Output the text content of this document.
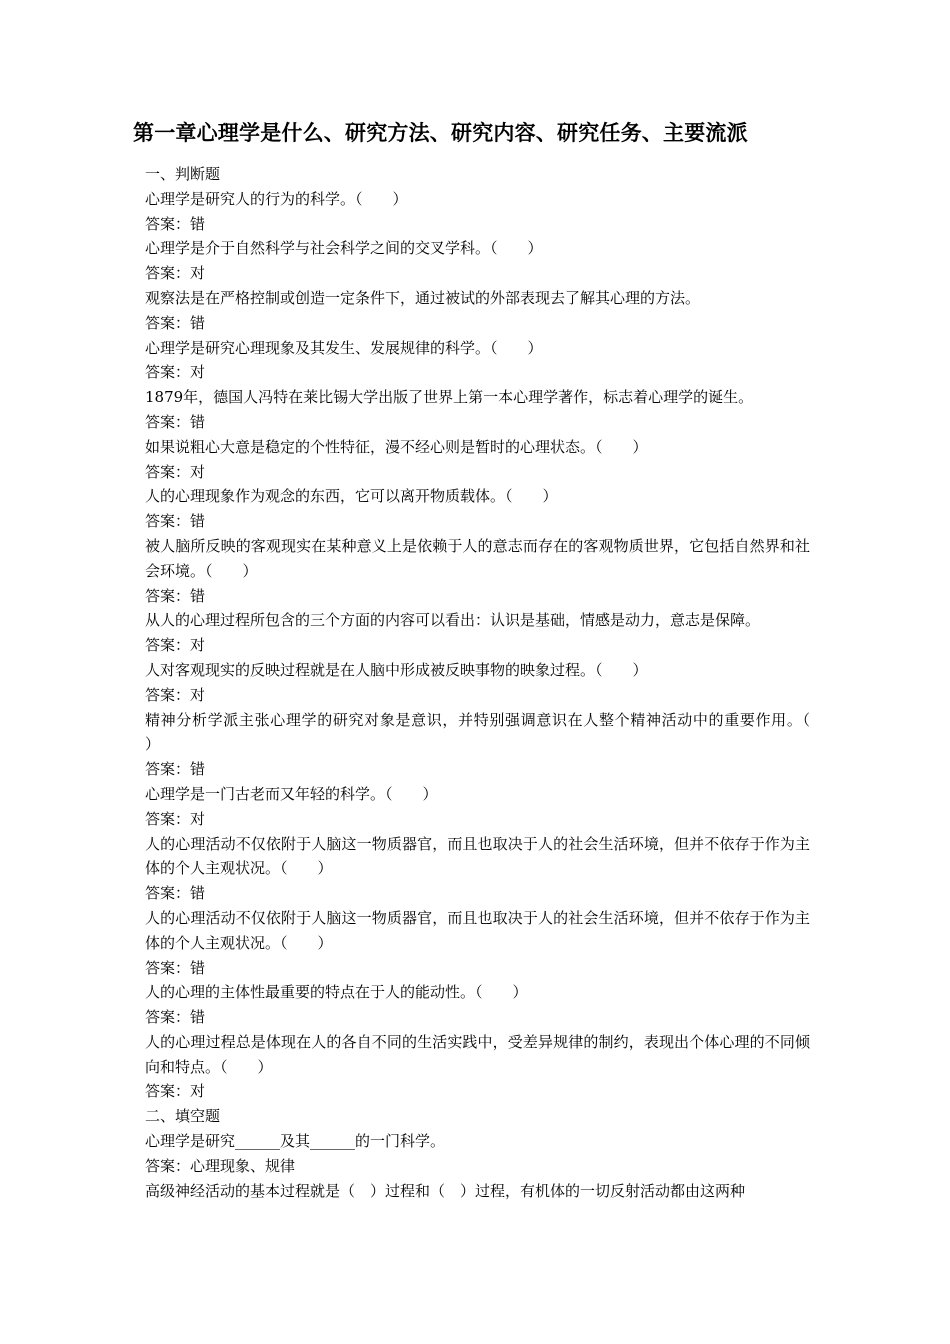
第一章心理学是什么、研究方法、研究内容、研究任务、主要流派

一、判断题

心理学是研究人的行为的科学。（　　）

答案：错

心理学是介于自然科学与社会科学之间的交叉学科。（　　）

答案：对

观察法是在严格控制或创造一定条件下，通过被试的外部表现去了解其心理的方法。

答案：错

心理学是研究心理现象及其发生、发展规律的科学。（　　）

答案：对

1879年，德国人冯特在莱比锡大学出版了世界上第一本心理学著作，标志着心理学的诞生。

答案：错

如果说粗心大意是稳定的个性特征，漫不经心则是暂时的心理状态。（　　）

答案：对

人的心理现象作为观念的东西，它可以离开物质载体。（　　）

答案：错

被人脑所反映的客观现实在某种意义上是依赖于人的意志而存在的客观物质世界，它包括自然界和社会环境。（　　）

答案：错

从人的心理过程所包含的三个方面的内容可以看出：认识是基础，情感是动力，意志是保障。

答案：对

人对客观现实的反映过程就是在人脑中形成被反映事物的映象过程。（　　）

答案：对

精神分析学派主张心理学的研究对象是意识，并特别强调意识在人整个精神活动中的重要作用。（　　）

答案：错

心理学是一门古老而又年轻的科学。（　　）

答案：对

人的心理活动不仅依附于人脑这一物质器官，而且也取决于人的社会生活环境，但并不依存于作为主体的个人主观状况。（　　）

答案：错

人的心理活动不仅依附于人脑这一物质器官，而且也取决于人的社会生活环境，但并不依存于作为主体的个人主观状况。（　　）

答案：错

人的心理的主体性最重要的特点在于人的能动性。（　　）

答案：错

人的心理过程总是体现在人的各自不同的生活实践中，受差异规律的制约，表现出个体心理的不同倾向和特点。（　　）

答案：对

二、填空题

心理学是研究______及其______的一门科学。

答案：心理现象、规律

高级神经活动的基本过程就是（　）过程和（　）过程，有机体的一切反射活动都由这两种
